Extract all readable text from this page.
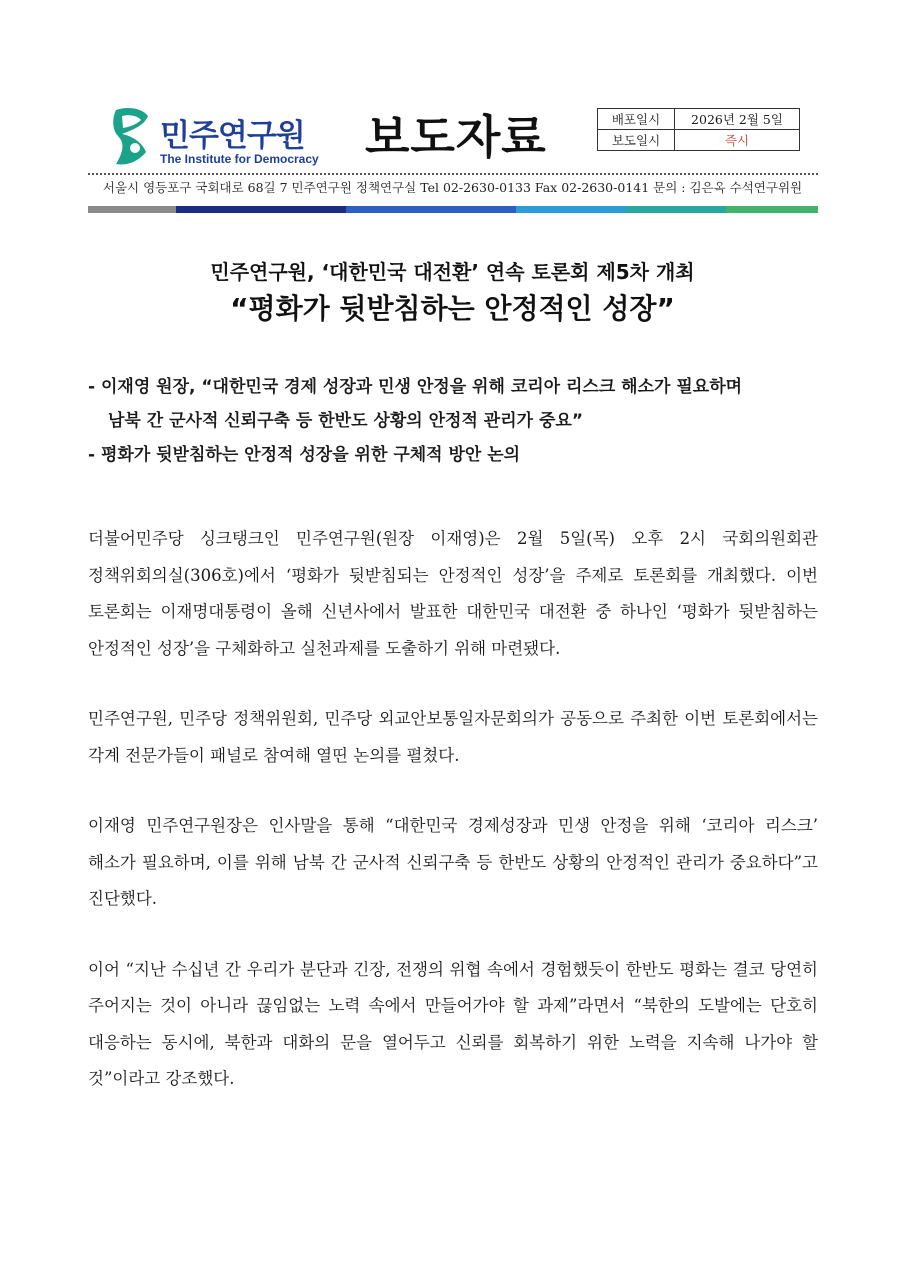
민주연구원
The Institute for Democracy 보도자료	배포일시	2026년 2월 5일
보도일시	즉시
서울시 영등포구 국회대로 68길 7 민주연구원 정책연구실 Tel 02-2630-0133 Fax 02-2630-0141 문의 : 김은옥 수석연구위원
민주연구원, ‘대한민국 대전환’ 연속 토론회 제5차 개최
“평화가 뒷받침하는 안정적인 성장”
- 이재영 원장, “대한민국 경제 성장과 민생 안정을 위해 코리아 리스크 해소가 필요하며
남북 간 군사적 신뢰구축 등 한반도 상황의 안정적 관리가 중요”
- 평화가 뒷받침하는 안정적 성장을 위한 구체적 방안 논의

더불어민주당 싱크탱크인 민주연구원(원장 이재영)은 2월 5일(목) 오후 2시 국회의원회관 정책위회의실(306호)에서 ‘평화가 뒷받침되는 안정적인 성장’을 주제로 토론회를 개최했다. 이번 토론회는 이재명대통령이 올해 신년사에서 발표한 대한민국 대전환 중 하나인 ‘평화가 뒷받침하는 안정적인 성장’을 구체화하고 실천과제를 도출하기 위해 마련됐다.

민주연구원, 민주당 정책위원회, 민주당 외교안보통일자문회의가 공동으로 주최한 이번 토론회에서는 각계 전문가들이 패널로 참여해 열띤 논의를 펼쳤다.

이재영 민주연구원장은 인사말을 통해 “대한민국 경제성장과 민생 안정을 위해 ‘코리아 리스크’ 해소가 필요하며, 이를 위해 남북 간 군사적 신뢰구축 등 한반도 상황의 안정적인 관리가 중요하다”고 진단했다.

이어 “지난 수십년 간 우리가 분단과 긴장, 전쟁의 위협 속에서 경험했듯이 한반도 평화는 결코 당연히 주어지는 것이 아니라 끊임없는 노력 속에서 만들어가야 할 과제”라면서 “북한의 도발에는 단호히 대응하는 동시에, 북한과 대화의 문을 열어두고 신뢰를 회복하기 위한 노력을 지속해 나가야 할 것”이라고 강조했다.
